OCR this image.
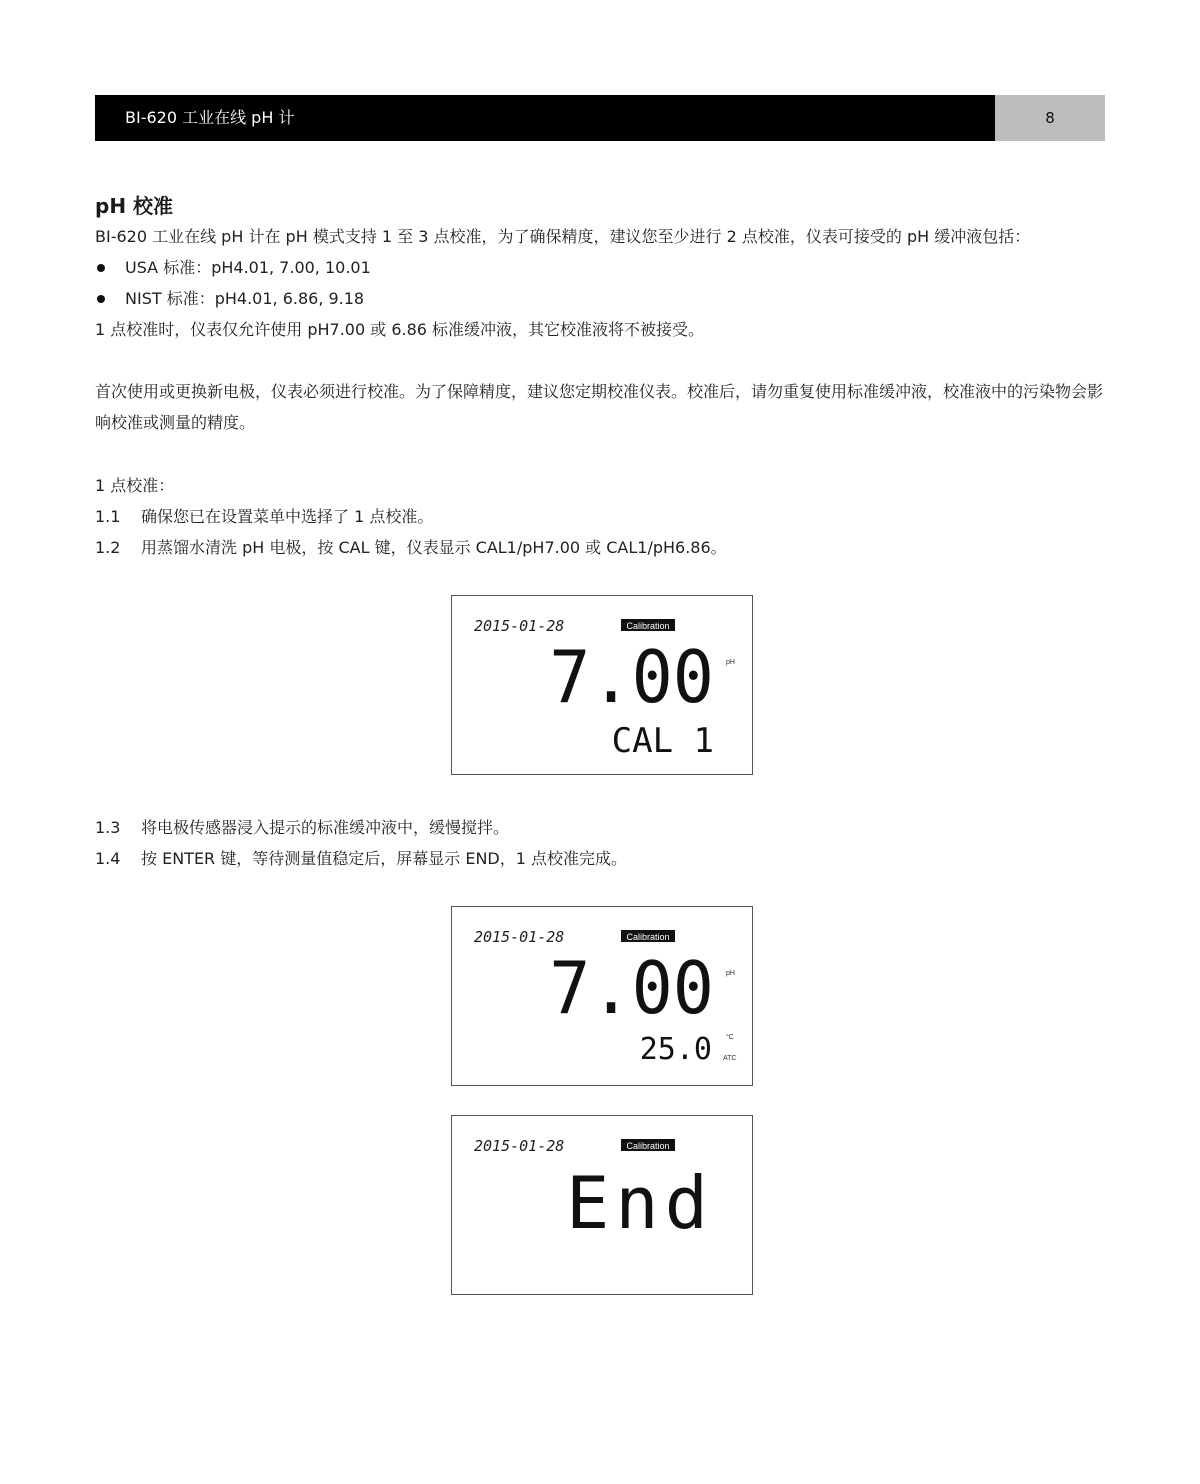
BI-620 工业在线 pH 计	8
pH 校准
BI-620 工业在线 pH 计在 pH 模式支持 1 至 3 点校准，为了确保精度，建议您至少进行 2 点校准，仪表可接受的 pH 缓冲液包括：
USA 标准：pH4.01, 7.00, 10.01
NIST 标准：pH4.01, 6.86, 9.18
1 点校准时，仪表仅允许使用 pH7.00 或 6.86 标准缓冲液，其它校准液将不被接受。
首次使用或更换新电极，仪表必须进行校准。为了保障精度，建议您定期校准仪表。校准后，请勿重复使用标准缓冲液，校准液中的污染物会影响校准或测量的精度。
1 点校准：
1.1 确保您已在设置菜单中选择了 1 点校准。
1.2 用蒸馏水清洗 pH 电极，按 CAL 键，仪表显示 CAL1/pH7.00 或 CAL1/pH6.86。
2015-01-28	Calibration
7.00 pH
CAL 1
1.3 将电极传感器浸入提示的标准缓冲液中，缓慢搅拌。
1.4 按 ENTER 键，等待测量值稳定后，屏幕显示 END，1 点校准完成。
2015-01-28	Calibration
7.00 pH
25.0 °C
ATC
2015-01-28	Calibration
End
